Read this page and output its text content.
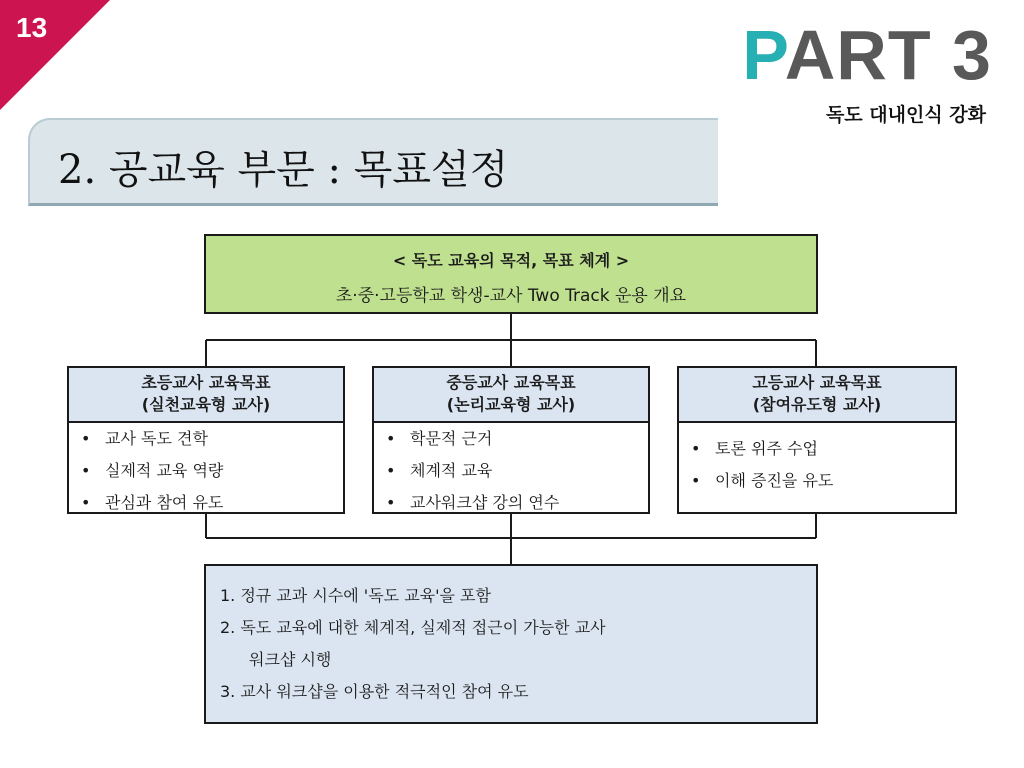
13	PART 3
독도 대내인식 강화
2. 공교육 부문 : 목표설정
< 독도 교육의 목적, 목표 체계 >
초·중·고등학교 학생-교사 Two Track 운용 개요
초등교사 교육목표
(실천교육형 교사)
• 교사 독도 견학
• 실제적 교육 역량
• 관심과 참여 유도
중등교사 교육목표
(논리교육형 교사)
• 학문적 근거
• 체계적 교육
• 교사워크샵 강의 연수
고등교사 교육목표
(참여유도형 교사)
• 토론 위주 수업
• 이해 증진을 유도
1. 정규 교과 시수에 '독도 교육'을 포함
2. 독도 교육에 대한 체계적, 실제적 접근이 가능한 교사
워크샵 시행
3. 교사 워크샵을 이용한 적극적인 참여 유도
